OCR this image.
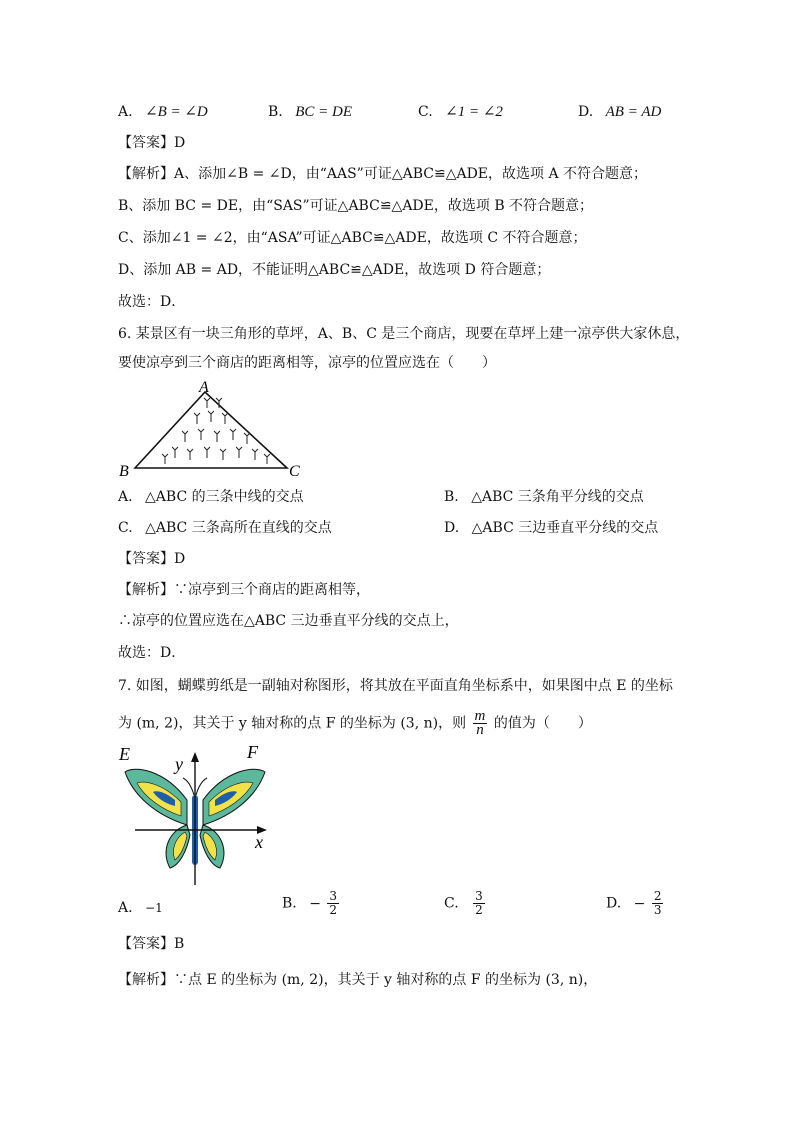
A. ∠B = ∠D	B. BC = DE	C. ∠1 = ∠2	D. AB = AD
【答案】D
【解析】A、添加∠B = ∠D，由“AAS”可证△ABC≌△ADE，故选项 A 不符合题意；
B、添加 BC = DE，由“SAS”可证△ABC≌△ADE，故选项 B 不符合题意；
C、添加∠1 = ∠2，由“ASA”可证△ABC≌△ADE，故选项 C 不符合题意；
D、添加 AB = AD，不能证明△ABC≌△ADE，故选项 D 符合题意；
故选：D．
6. 某景区有一块三角形的草坪，A、B、C 是三个商店，现要在草坪上建一凉亭供大家休息，
要使凉亭到三个商店的距离相等，凉亭的位置应选在（　　）
A
B	C
A. △ABC 的三条中线的交点	B. △ABC 三条角平分线的交点
C. △ABC 三条高所在直线的交点	D. △ABC 三边垂直平分线的交点
【答案】D
【解析】∵凉亭到三个商店的距离相等，
∴凉亭的位置应选在△ABC 三边垂直平分线的交点上，
故选：D．
7. 如图，蝴蝶剪纸是一副轴对称图形，将其放在平面直角坐标系中，如果图中点 E 的坐标
为 (m, 2)，其关于 y 轴对称的点 F 的坐标为 (3, n)，则 $\frac{m}{n}$ 的值为（　　）
E	F
y
x
A. −1	B. − $\frac{3}{2}$	C. $\frac{3}{2}$	D. − $\frac{2}{3}$
【答案】B
【解析】∵点 E 的坐标为 (m, 2)，其关于 y 轴对称的点 F 的坐标为 (3, n)，
